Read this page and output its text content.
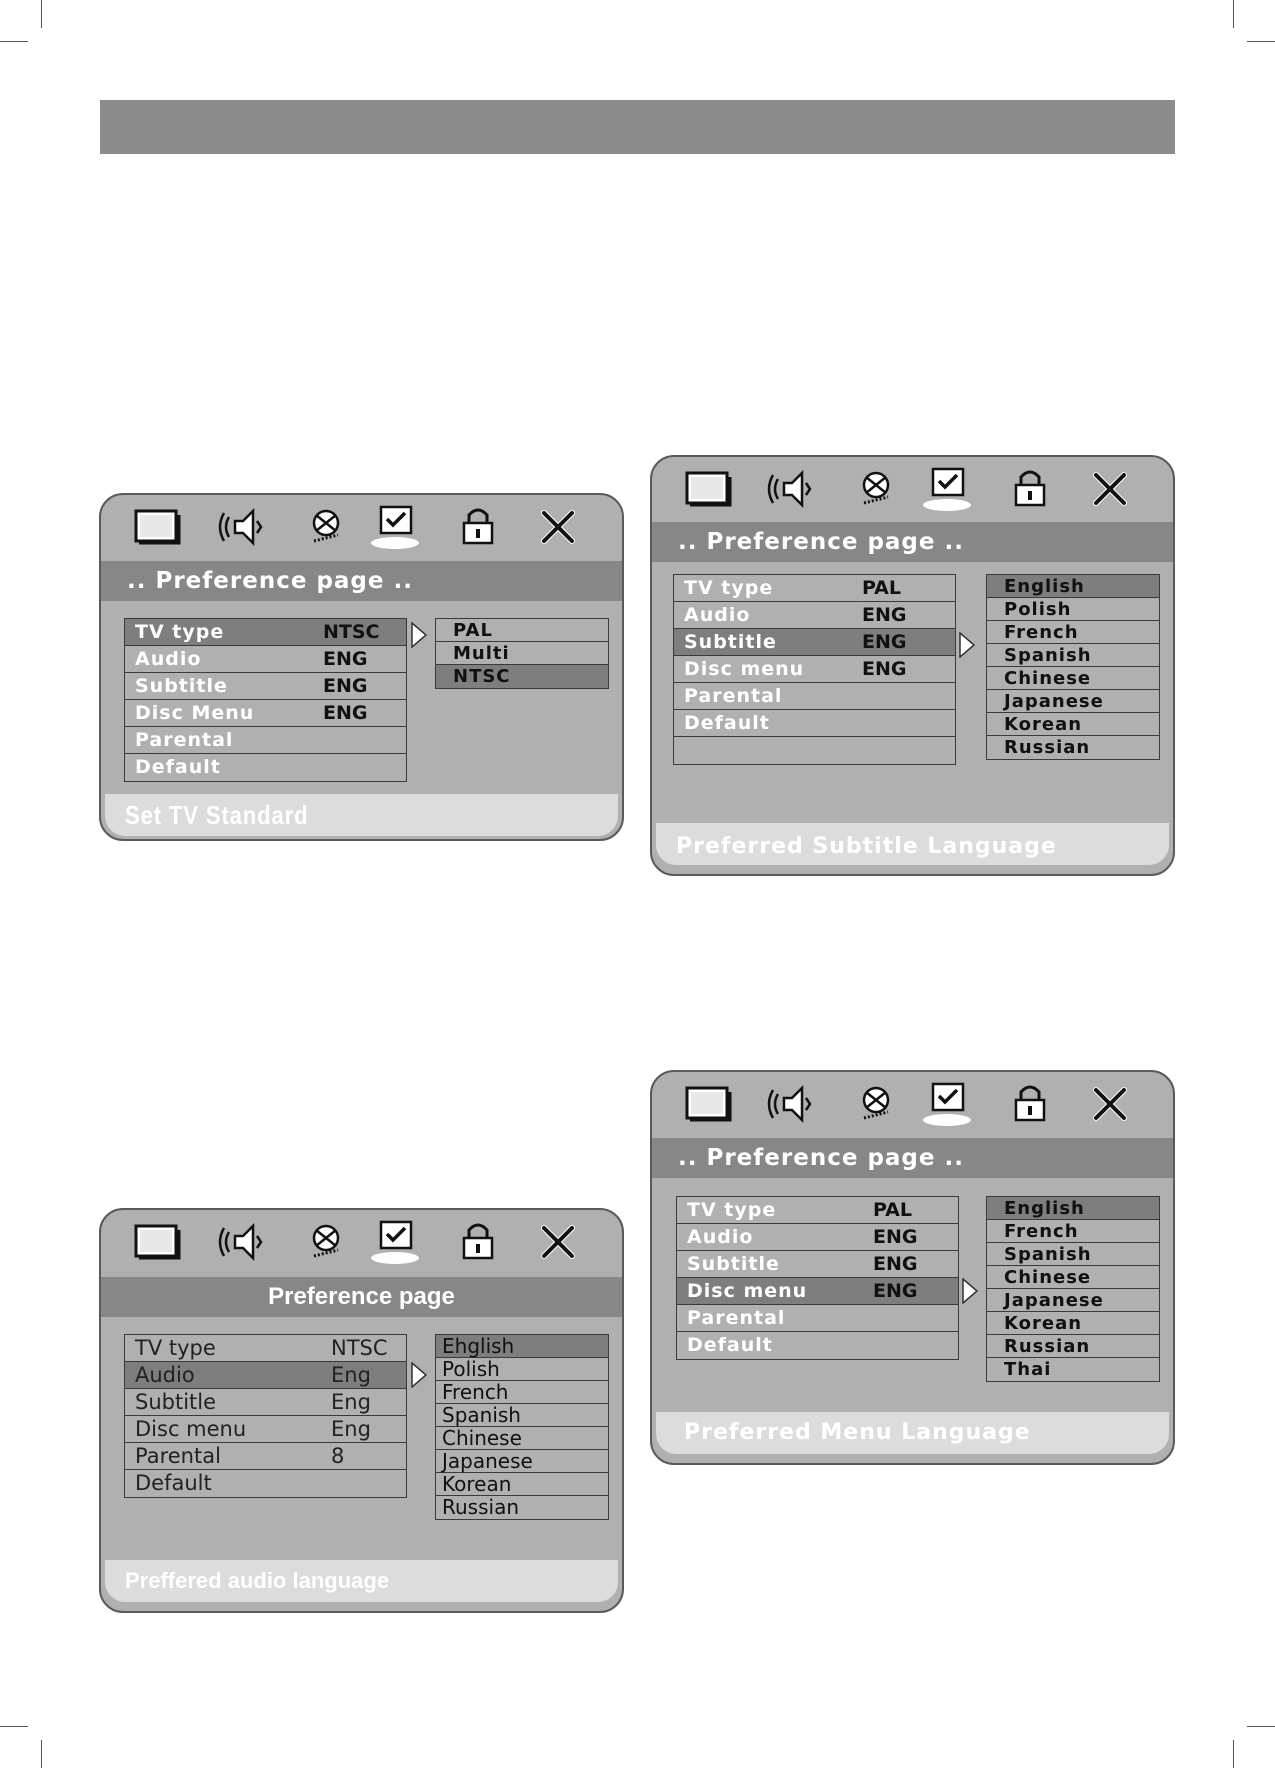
.. Preference page ..
TV type	NTSC
Audio	ENG
Subtitle	ENG
Disc Menu	ENG
Parental
Default
PAL
Multi
NTSC
Set TV Standard
.. Preference page ..
TV type	PAL
Audio	ENG
Subtitle	ENG
Disc menu	ENG
Parental
Default
English
Polish
French
Spanish
Chinese
Japanese
Korean
Russian
Preferred Subtitle Language
Preference page
TV type	NTSC
Audio	Eng
Subtitle	Eng
Disc menu	Eng
Parental	8
Default
Ehglish
Polish
French
Spanish
Chinese
Japanese
Korean
Russian
Preffered audio language
.. Preference page ..
TV type	PAL
Audio	ENG
Subtitle	ENG
Disc menu	ENG
Parental
Default
English
French
Spanish
Chinese
Japanese
Korean
Russian
Thai
Preferred Menu Language
